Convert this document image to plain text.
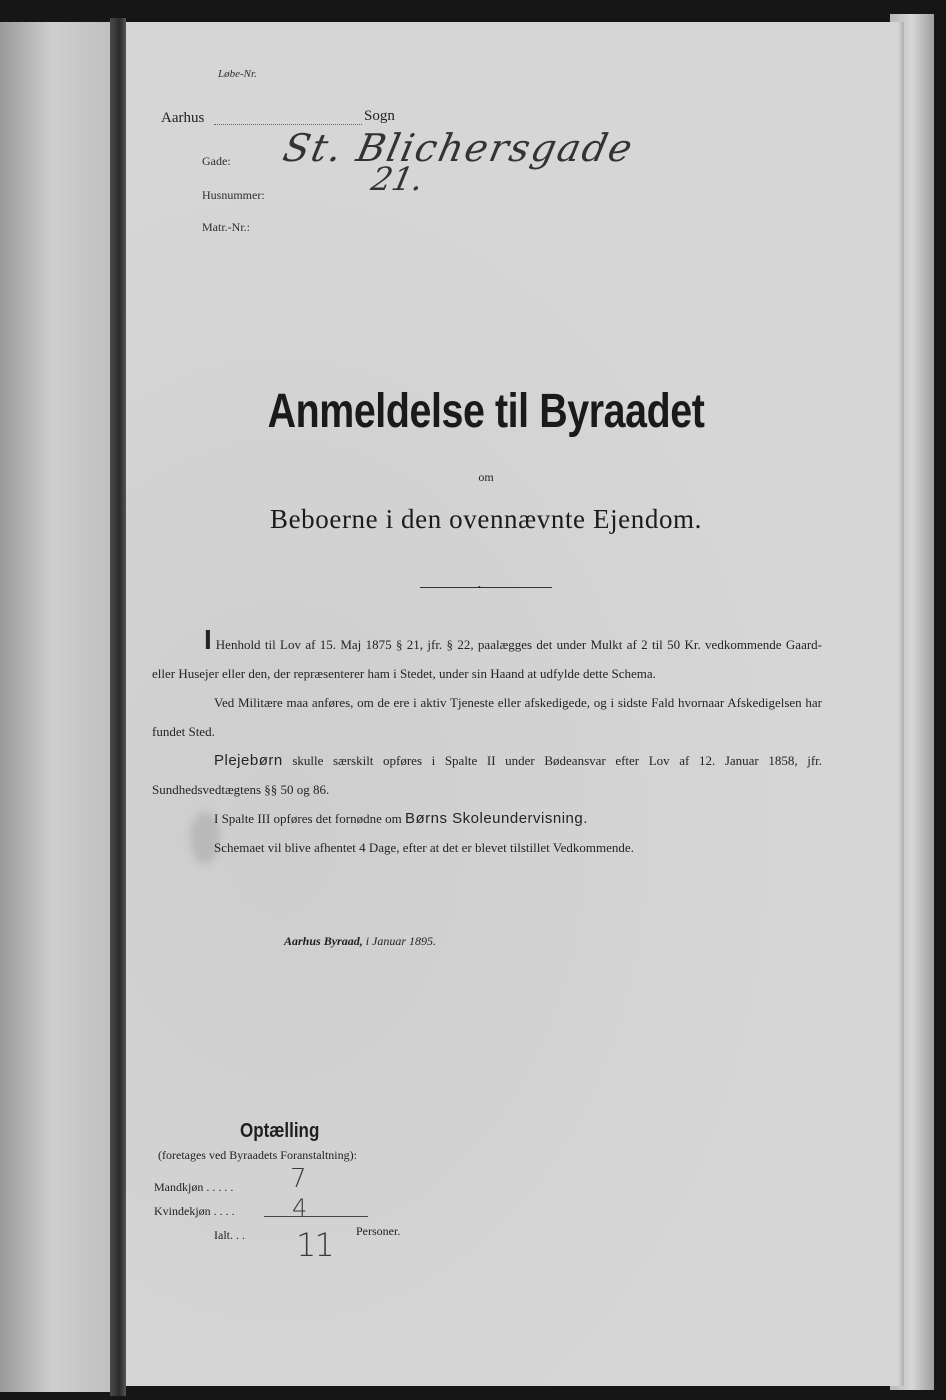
Løbe-Nr.
Aarhus	Sogn
Gade:
Husnummer:
Matr.-Nr.:
St. Blichersgade
21.
Anmeldelse til Byraadet
om
Beboerne i den ovennævnte Ejendom.
•

I Henhold til Lov af 15. Maj 1875 § 21, jfr. § 22, paalægges det under Mulkt af 2 til 50 Kr. vedkommende Gaard- eller Husejer eller den, der repræsenterer ham i Stedet, under sin Haand at udfylde dette Schema.

Ved Militære maa anføres, om de ere i aktiv Tjeneste eller afskedigede, og i sidste Fald hvornaar Afskedigelsen har fundet Sted.

Plejebørn skulle særskilt opføres i Spalte II under Bødeansvar efter Lov af 12. Januar 1858, jfr. Sundhedsvedtægtens §§ 50 og 86.

I Spalte III opføres det fornødne om Børns Skoleundervisning.

Schemaet vil blive afhentet 4 Dage, efter at det er blevet tilstillet Vedkommende.

Aarhus Byraad, i Januar 1895.
Optælling
(foretages ved Byraadets Foranstaltning):
Mandkjøn . . . . .
Kvindekjøn . . . .
Ialt. . .	Personer.
7
4
11
